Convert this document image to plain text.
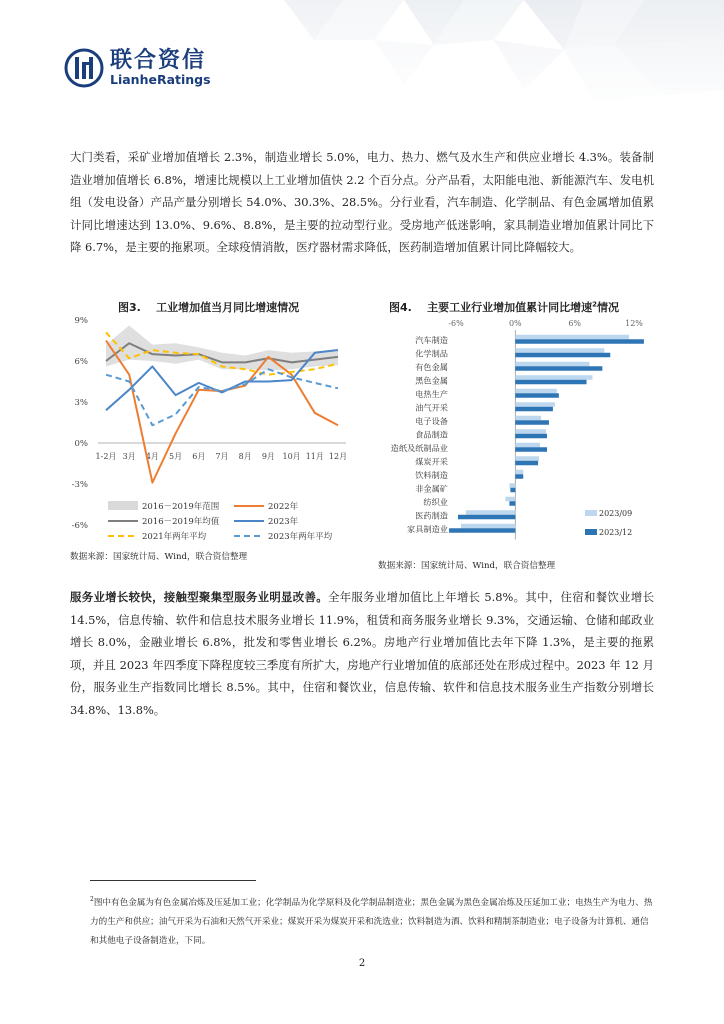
联合资信
LianheRatings

大门类看，采矿业增加值增长 2.3%，制造业增长 5.0%，电力、热力、燃气及水生产和供应业增长 4.3%。装备制造业增加值增长 6.8%，增速比规模以上工业增加值快 2.2 个百分点。分产品看，太阳能电池、新能源汽车、发电机组（发电设备）产品产量分别增长 54.0%、30.3%、28.5%。分行业看，汽车制造、化学制品、有色金属增加值累计同比增速达到 13.0%、9.6%、8.8%，是主要的拉动型行业。受房地产低迷影响，家具制造业增加值累计同比下降 6.7%，是主要的拖累项。全球疫情消散，医疗器材需求降低，医药制造增加值累计同比降幅较大。

图3. 工业增加值当月同比增速情况
-6%
-3%
0%
3%
6%
9%
1-2月 3月 4月 5月 6月 7月 8月 9月 10月 11月 12月
2016－2019年范围	2022年
2016－2019年均值	2023年
2021年两年平均	2023年两年平均
数据来源：国家统计局、Wind，联合资信整理
图4. 主要工业行业增加值累计同比增速$^2$情况
-6%	0%	6%	12%
汽车制造
化学制品
有色金属
黑色金属
电热生产
油气开采
电子设备
食品制造
造纸及纸制品业
煤炭开采
饮料制造
非金属矿
纺织业
医药制造
家具制造业
2023/09
2023/12
数据来源：国家统计局、Wind，联合资信整理

服务业增长较快，接触型聚集型服务业明显改善。全年服务业增加值比上年增长 5.8%。其中，住宿和餐饮业增长 14.5%，信息传输、软件和信息技术服务业增长 11.9%，租赁和商务服务业增长 9.3%，交通运输、仓储和邮政业增长 8.0%，金融业增长 6.8%，批发和零售业增长 6.2%。房地产行业增加值比去年下降 1.3%，是主要的拖累项，并且 2023 年四季度下降程度较三季度有所扩大，房地产行业增加值的底部还处在形成过程中。2023 年 12 月份，服务业生产指数同比增长 8.5%。其中，住宿和餐饮业，信息传输、软件和信息技术服务业生产指数分别增长 34.8%、13.8%。

$^2$图中有色金属为有色金属冶炼及压延加工业；化学制品为化学原料及化学制品制造业；黑色金属为黑色金属冶炼及压延加工业；电热生产为电力、热力的生产和供应；油气开采为石油和天然气开采业；煤炭开采为煤炭开采和洗选业；饮料制造为酒、饮料和精制茶制造业；电子设备为计算机、通信和其他电子设备制造业，下同。

2
